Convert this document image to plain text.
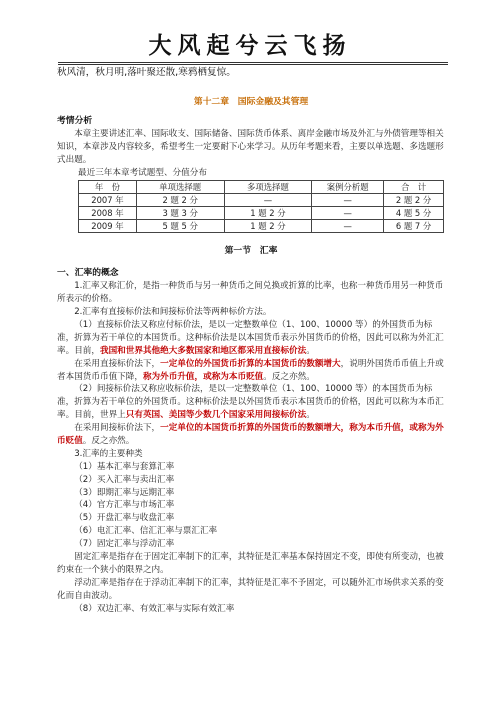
大风起兮云飞扬
秋风清，秋月明,落叶聚还散,寒鸦栖复惊。
第十二章　国际金融及其管理
考情分析

本章主要讲述汇率、国际收支、国际储备、国际货币体系、离岸金融市场及外汇与外债管理等相关知识，本章涉及内容较多，希望考生一定要耐下心来学习。从历年考题来看，主要以单选题、多选题形式出题。

最近三年本章考试题型、分值分布

年　份	单项选择题	多项选择题	案例分析题	合　计
2007 年	2 题 2 分	—	—	2 题 2 分
2008 年	3 题 3 分	1 题 2 分	—	4 题 5 分
2009 年	5 题 5 分	1 题 2 分	—	6 题 7 分
第一节　汇率
一、汇率的概念

1.汇率又称汇价，是指一种货币与另一种货币之间兑换或折算的比率，也称一种货币用另一种货币所表示的价格。

2.汇率有直接标价法和间接标价法等两种标价方法。

（1）直接标价法又称应付标价法，是以一定整数单位（1、100、10000 等）的外国货币为标准，折算为若干单位的本国货币。这种标价法是以本国货币表示外国货币的价格，因此可以称为外汇汇率。目前，我国和世界其他绝大多数国家和地区都采用直接标价法。

在采用直接标价法下，一定单位的外国货币折算的本国货币的数额增大，说明外国货币币值上升或者本国货币币值下降，称为外币升值，或称为本币贬值。反之亦然。

（2）间接标价法又称应收标价法，是以一定整数单位（1、100、10000 等）的本国货币为标准，折算为若干单位的外国货币。这种标价法是以外国货币表示本国货币的价格，因此可以称为本币汇率。目前，世界上只有英国、美国等少数几个国家采用间接标价法。

在采用间接标价法下，一定单位的本国货币折算的外国货币的数额增大，称为本币升值，或称为外币贬值。反之亦然。

3.汇率的主要种类

（1）基本汇率与套算汇率

（2）买入汇率与卖出汇率

（3）即期汇率与远期汇率

（4）官方汇率与市场汇率

（5）开盘汇率与收盘汇率

（6）电汇汇率、信汇汇率与票汇汇率

（7）固定汇率与浮动汇率

固定汇率是指存在于固定汇率制下的汇率，其特征是汇率基本保持固定不变，即使有所变动，也被约束在一个狭小的限界之内。

浮动汇率是指存在于浮动汇率制下的汇率，其特征是汇率不予固定，可以随外汇市场供求关系的变化而自由波动。

（8）双边汇率、有效汇率与实际有效汇率
